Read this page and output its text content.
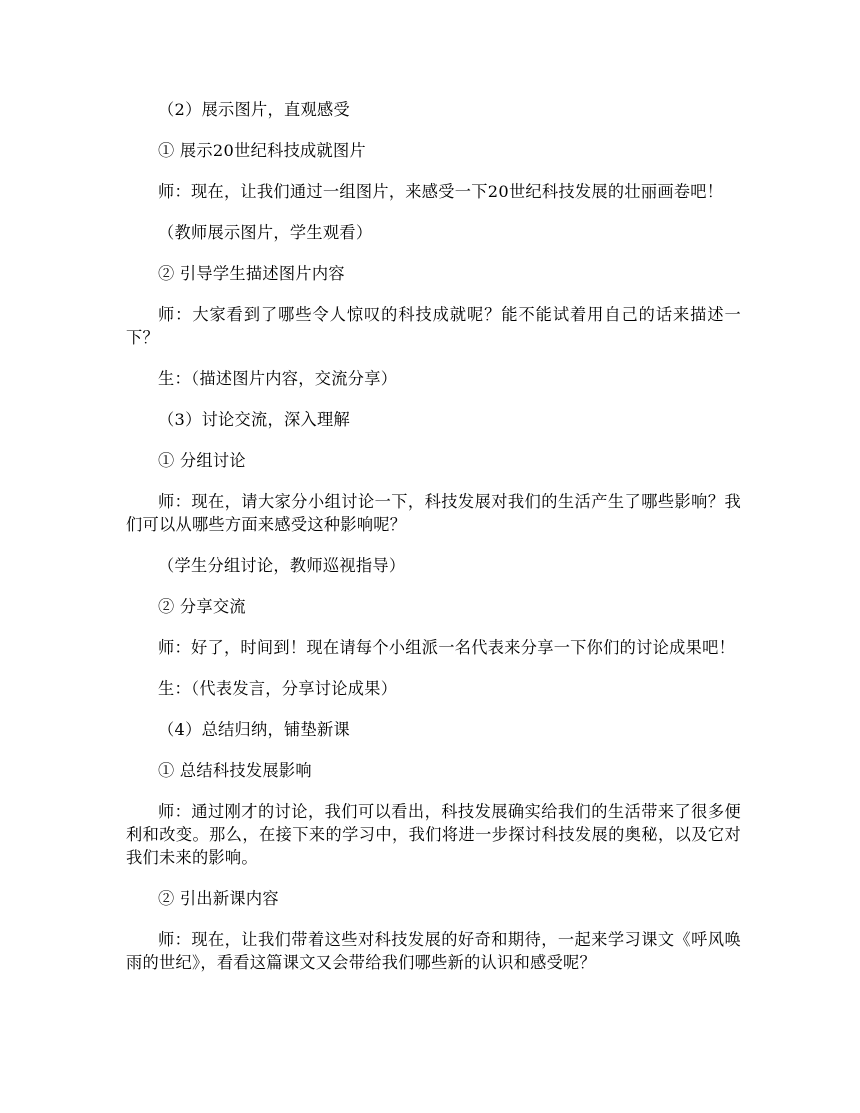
（2）展示图片，直观感受

① 展示20世纪科技成就图片

师：现在，让我们通过一组图片，来感受一下20世纪科技发展的壮丽画卷吧！

（教师展示图片，学生观看）

② 引导学生描述图片内容

师：大家看到了哪些令人惊叹的科技成就呢？能不能试着用自己的话来描述一下？

生：（描述图片内容，交流分享）

（3）讨论交流，深入理解

① 分组讨论

师：现在，请大家分小组讨论一下，科技发展对我们的生活产生了哪些影响？我们可以从哪些方面来感受这种影响呢？

（学生分组讨论，教师巡视指导）

② 分享交流

师：好了，时间到！现在请每个小组派一名代表来分享一下你们的讨论成果吧！

生：（代表发言，分享讨论成果）

（4）总结归纳，铺垫新课

① 总结科技发展影响

师：通过刚才的讨论，我们可以看出，科技发展确实给我们的生活带来了很多便利和改变。那么，在接下来的学习中，我们将进一步探讨科技发展的奥秘，以及它对我们未来的影响。

② 引出新课内容

师：现在，让我们带着这些对科技发展的好奇和期待，一起来学习课文《呼风唤雨的世纪》，看看这篇课文又会带给我们哪些新的认识和感受呢？
